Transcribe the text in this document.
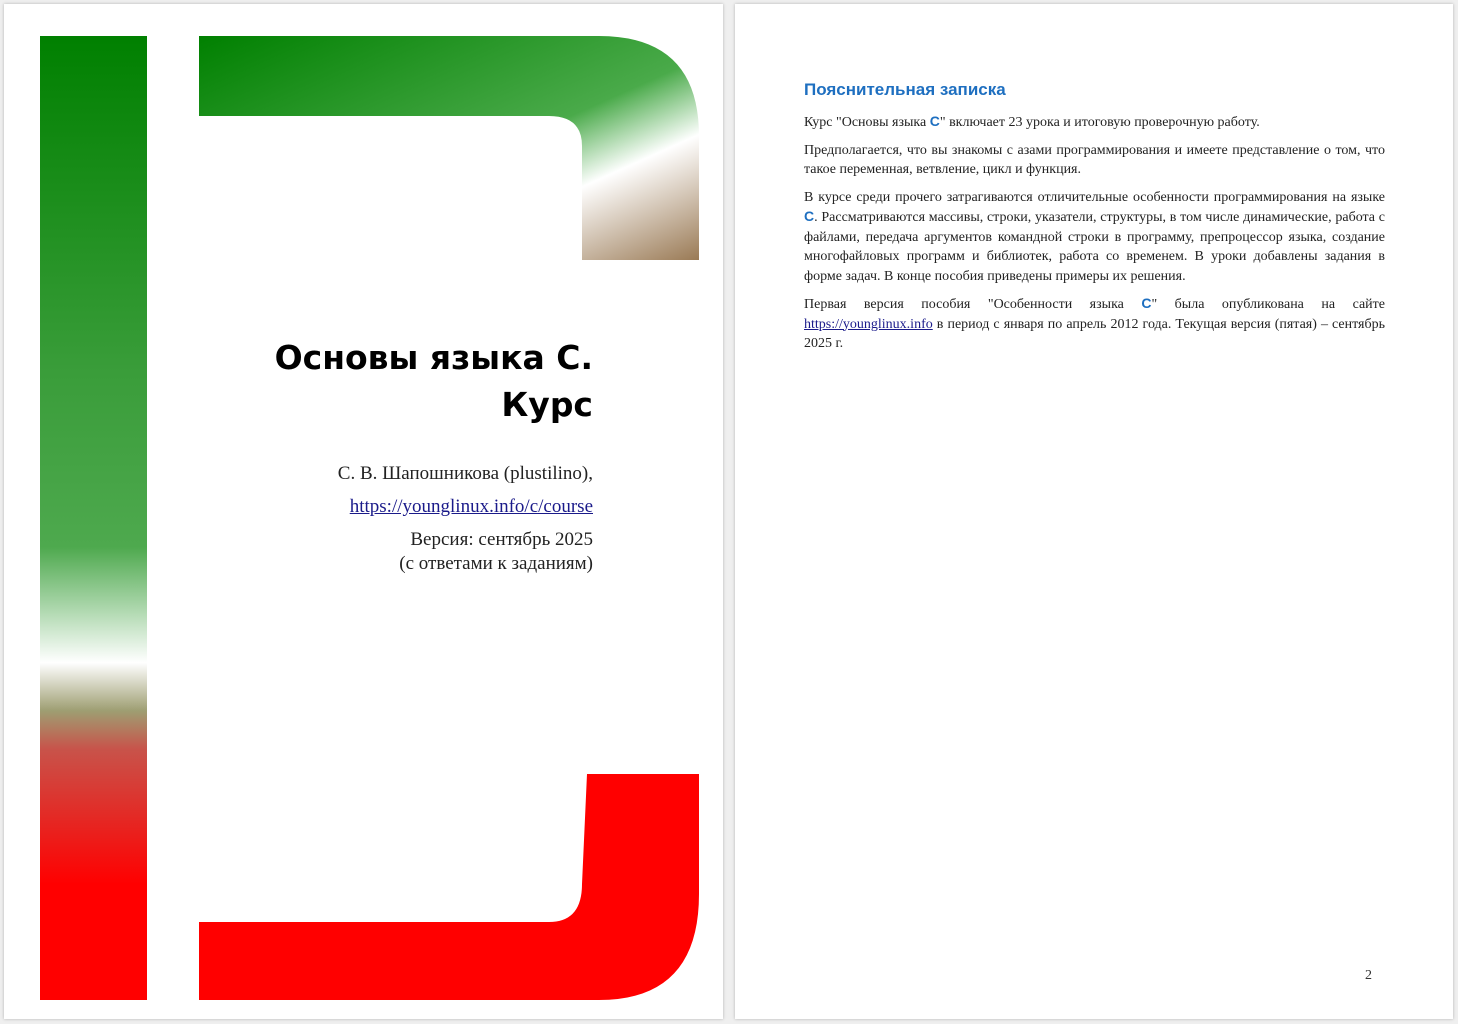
Основы языка C.
Курс
С. В. Шапошникова (plustilino),
https://younglinux.info/c/course
Версия: сентябрь 2025
(с ответами к заданиям)
Пояснительная записка

Курс "Основы языка C" включает 23 урока и итоговую проверочную работу.

Предполагается, что вы знакомы с азами программирования и имеете представление о том, что такое переменная, ветвление, цикл и функция.

В курсе среди прочего затрагиваются отличительные особенности программирования на языке C. Рассматриваются массивы, строки, указатели, структуры, в том числе динамические, работа с файлами, передача аргументов командной строки в программу, препроцессор языка, создание многофайловых программ и библиотек, работа со временем. В уроки добавлены задания в форме задач. В конце пособия приведены примеры их решения.

Первая версия пособия "Особенности языка C" была опубликована на сайте https://younglinux.info в период с января по апрель 2012 года. Текущая версия (пятая) – сентябрь 2025 г.

2
